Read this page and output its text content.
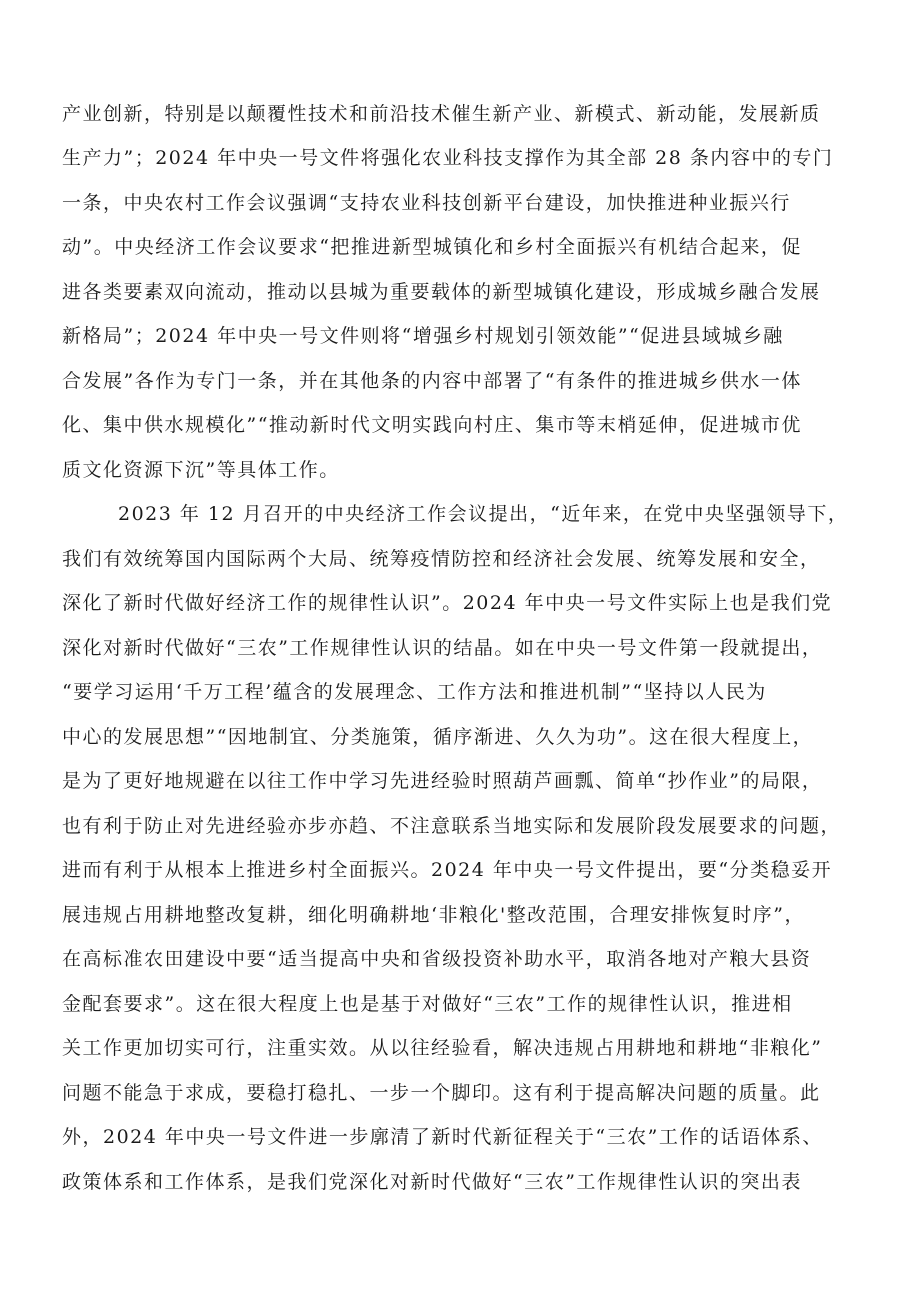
产业创新，特别是以颠覆性技术和前沿技术催生新产业、新模式、新动能，发展新质
生产力”；2024 年中央一号文件将强化农业科技支撑作为其全部 28 条内容中的专门
一条，中央农村工作会议强调“支持农业科技创新平台建设，加快推进种业振兴行
动”。中央经济工作会议要求“把推进新型城镇化和乡村全面振兴有机结合起来，促
进各类要素双向流动，推动以县城为重要载体的新型城镇化建设，形成城乡融合发展
新格局”；2024 年中央一号文件则将“增强乡村规划引领效能”“促进县域城乡融
合发展”各作为专门一条，并在其他条的内容中部署了“有条件的推进城乡供水一体
化、集中供水规模化”“推动新时代文明实践向村庄、集市等末梢延伸，促进城市优
质文化资源下沉”等具体工作。
2023 年 12 月召开的中央经济工作会议提出，“近年来，在党中央坚强领导下，
我们有效统筹国内国际两个大局、统筹疫情防控和经济社会发展、统筹发展和安全，
深化了新时代做好经济工作的规律性认识”。2024 年中央一号文件实际上也是我们党
深化对新时代做好“三农”工作规律性认识的结晶。如在中央一号文件第一段就提出，
“要学习运用‘千万工程’蕴含的发展理念、工作方法和推进机制”“坚持以人民为
中心的发展思想”“因地制宜、分类施策，循序渐进、久久为功”。这在很大程度上，
是为了更好地规避在以往工作中学习先进经验时照葫芦画瓢、简单“抄作业”的局限，
也有利于防止对先进经验亦步亦趋、不注意联系当地实际和发展阶段发展要求的问题，
进而有利于从根本上推进乡村全面振兴。2024 年中央一号文件提出，要“分类稳妥开
展违规占用耕地整改复耕，细化明确耕地‘非粮化'整改范围，合理安排恢复时序”，
在高标准农田建设中要“适当提高中央和省级投资补助水平，取消各地对产粮大县资
金配套要求”。这在很大程度上也是基于对做好“三农”工作的规律性认识，推进相
关工作更加切实可行，注重实效。从以往经验看，解决违规占用耕地和耕地“非粮化”
问题不能急于求成，要稳打稳扎、一步一个脚印。这有利于提高解决问题的质量。此
外，2024 年中央一号文件进一步廓清了新时代新征程关于“三农”工作的话语体系、
政策体系和工作体系，是我们党深化对新时代做好“三农”工作规律性认识的突出表
